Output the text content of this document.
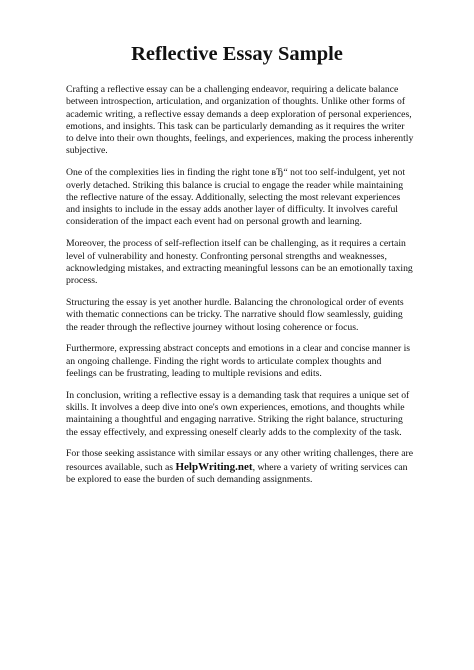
Reflective Essay Sample

Crafting a reflective essay can be a challenging endeavor, requiring a delicate balance between introspection, articulation, and organization of thoughts. Unlike other forms of academic writing, a reflective essay demands a deep exploration of personal experiences, emotions, and insights. This task can be particularly demanding as it requires the writer to delve into their own thoughts, feelings, and experiences, making the process inherently subjective.

One of the complexities lies in finding the right tone вЂ“ not too self-indulgent, yet not overly detached. Striking this balance is crucial to engage the reader while maintaining the reflective nature of the essay. Additionally, selecting the most relevant experiences and insights to include in the essay adds another layer of difficulty. It involves careful consideration of the impact each event had on personal growth and learning.

Moreover, the process of self-reflection itself can be challenging, as it requires a certain level of vulnerability and honesty. Confronting personal strengths and weaknesses, acknowledging mistakes, and extracting meaningful lessons can be an emotionally taxing process.

Structuring the essay is yet another hurdle. Balancing the chronological order of events with thematic connections can be tricky. The narrative should flow seamlessly, guiding the reader through the reflective journey without losing coherence or focus.

Furthermore, expressing abstract concepts and emotions in a clear and concise manner is an ongoing challenge. Finding the right words to articulate complex thoughts and feelings can be frustrating, leading to multiple revisions and edits.

In conclusion, writing a reflective essay is a demanding task that requires a unique set of skills. It involves a deep dive into one's own experiences, emotions, and thoughts while maintaining a thoughtful and engaging narrative. Striking the right balance, structuring the essay effectively, and expressing oneself clearly adds to the complexity of the task.

For those seeking assistance with similar essays or any other writing challenges, there are resources available, such as HelpWriting.net, where a variety of writing services can be explored to ease the burden of such demanding assignments.
